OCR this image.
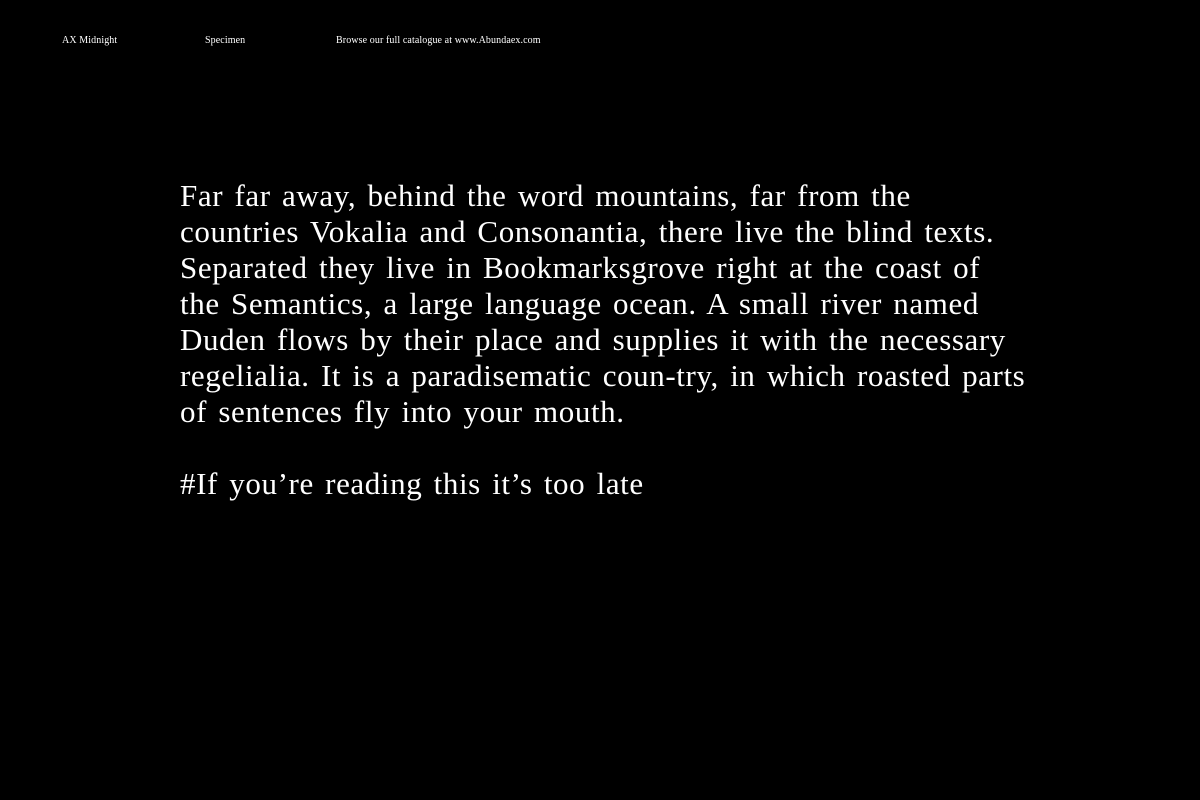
AX Midnight	Specimen	Browse our full catalogue at www.Abundaex.com

Far far away, behind the word mountains, far from the countries Vokalia and Consonantia, there live the blind texts. Separated they live in Bookmarksgrove right at the coast of the Semantics, a large language ocean. A small river named Duden flows by their place and supplies it with the necessary regelialia. It is a paradisematic coun-try, in which roasted parts of sentences fly into your mouth.

#If you’re reading this it’s too late
